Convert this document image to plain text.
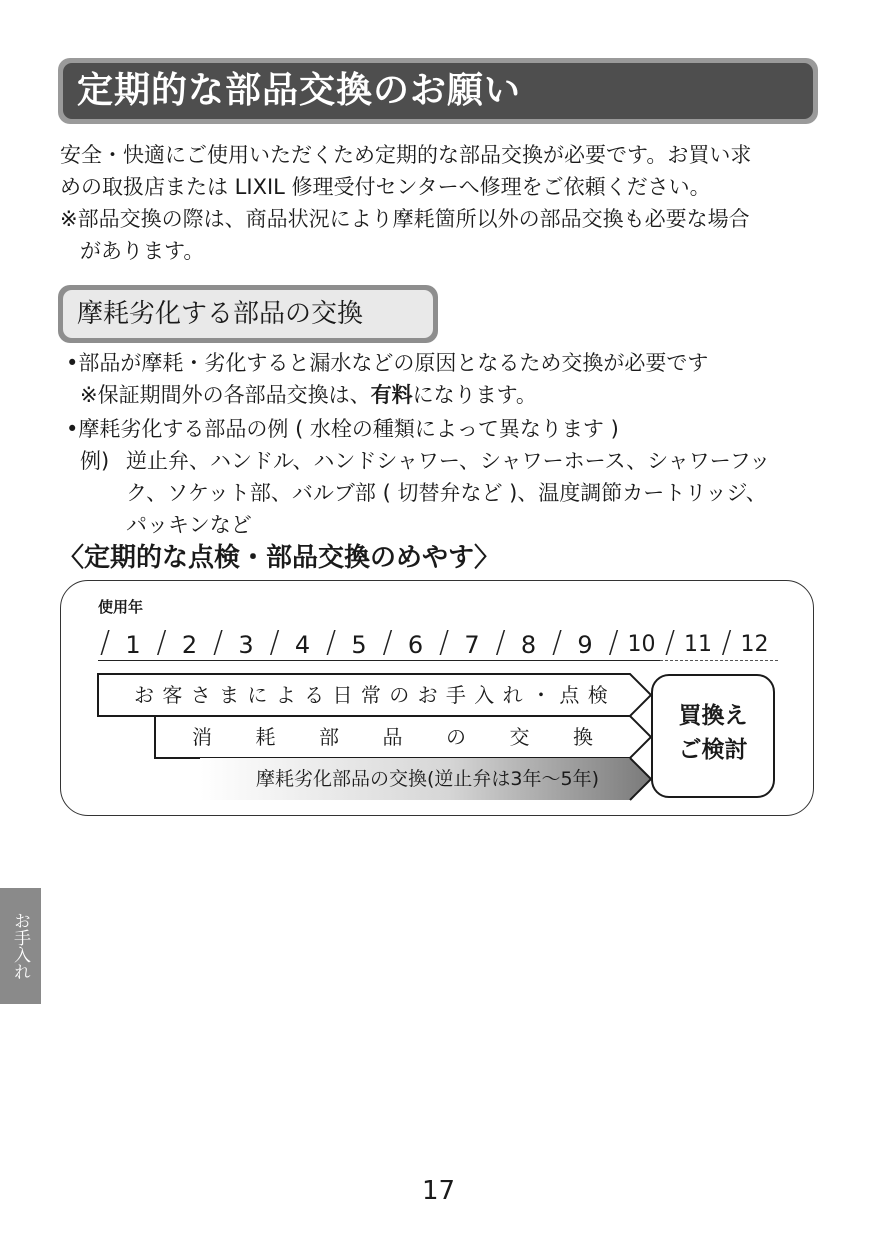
定期的な部品交換のお願い
安全・快適にご使用いただくため定期的な部品交換が必要です。お買い求
めの取扱店または LIXIL 修理受付センターへ修理をご依頼ください。
※部品交換の際は、商品状況により摩耗箇所以外の部品交換も必要な場合
があります。
摩耗劣化する部品の交換
•部品が摩耗・劣化すると漏水などの原因となるため交換が必要です
※保証期間外の各部品交換は、有料になります。
•摩耗劣化する部品の例 ( 水栓の種類によって異なります )
例) 逆止弁、ハンドル、ハンドシャワー、シャワーホース、シャワーフッ
ク、ソケット部、バルブ部 ( 切替弁など )、温度調節カートリッジ、
パッキンなど
〈定期的な点検・部品交換のめやす〉
使用年
/ 1 / 2 / 3 / 4 / 5 / 6 / 7 / 8 / 9 / 10 / 11 / 12
お 客 さ ま に よ る 日 常 の お 手 入 れ ・ 点 検
消 耗 部 品 の 交 換
摩耗劣化部品の交換(逆止弁は3年～5年)
買換え
ご検討
お手入れ
17
